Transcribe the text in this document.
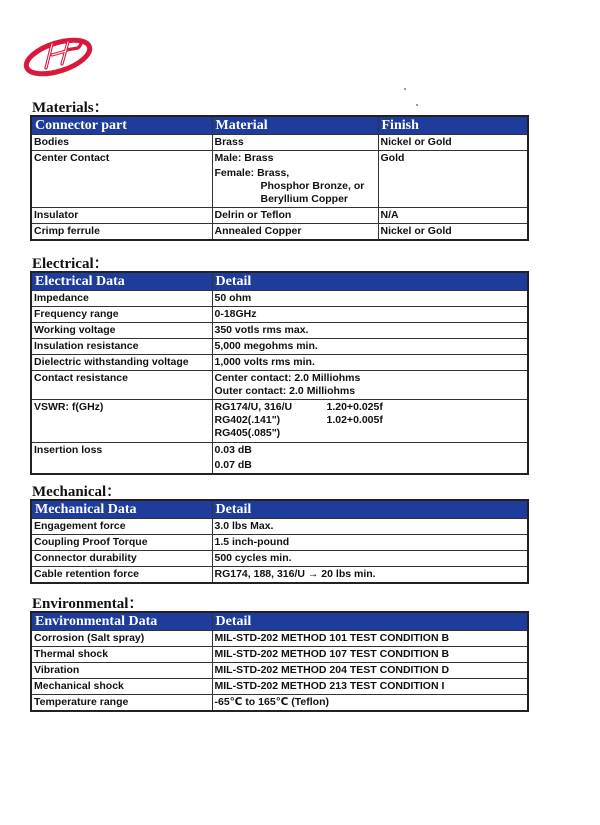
Materials：
Connector part	Material	Finish
Bodies	Brass	Nickel or Gold
Center Contact	Male: Brass
Female: Brass,
Phosphor Bronze, or
Beryllium Copper	Gold
Insulator	Delrin or Teflon	N/A
Crimp ferrule	Annealed Copper	Nickel or Gold
Electrical：
Electrical Data	Detail
Impedance	50 ohm
Frequency range	0-18GHz
Working voltage	350 votls rms max.
Insulation resistance	5,000 megohms min.
Dielectric withstanding voltage	1,000 volts rms min.
Contact resistance	Center contact: 2.0 Milliohms
Outer contact: 2.0 Milliohms

VSWR: f(GHz)	RG174/U, 316/U 1.20+0.025f
RG402(.141") 1.02+0.005f
RG405(.085")

Insertion loss	0.03 dB
0.07 dB
Mechanical：
Mechanical Data	Detail
Engagement force	3.0 lbs Max.
Coupling Proof Torque	1.5 inch-pound
Connector durability	500 cycles min.
Cable retention force	RG174, 188, 316/U → 20 lbs min.
Environmental：
Environmental Data	Detail
Corrosion (Salt spray)	MIL-STD-202 METHOD 101 TEST CONDITION B
Thermal shock	MIL-STD-202 METHOD 107 TEST CONDITION B
Vibration	MIL-STD-202 METHOD 204 TEST CONDITION D
Mechanical shock	MIL-STD-202 METHOD 213 TEST CONDITION I
Temperature range	-65℃ to 165℃ (Teflon)
